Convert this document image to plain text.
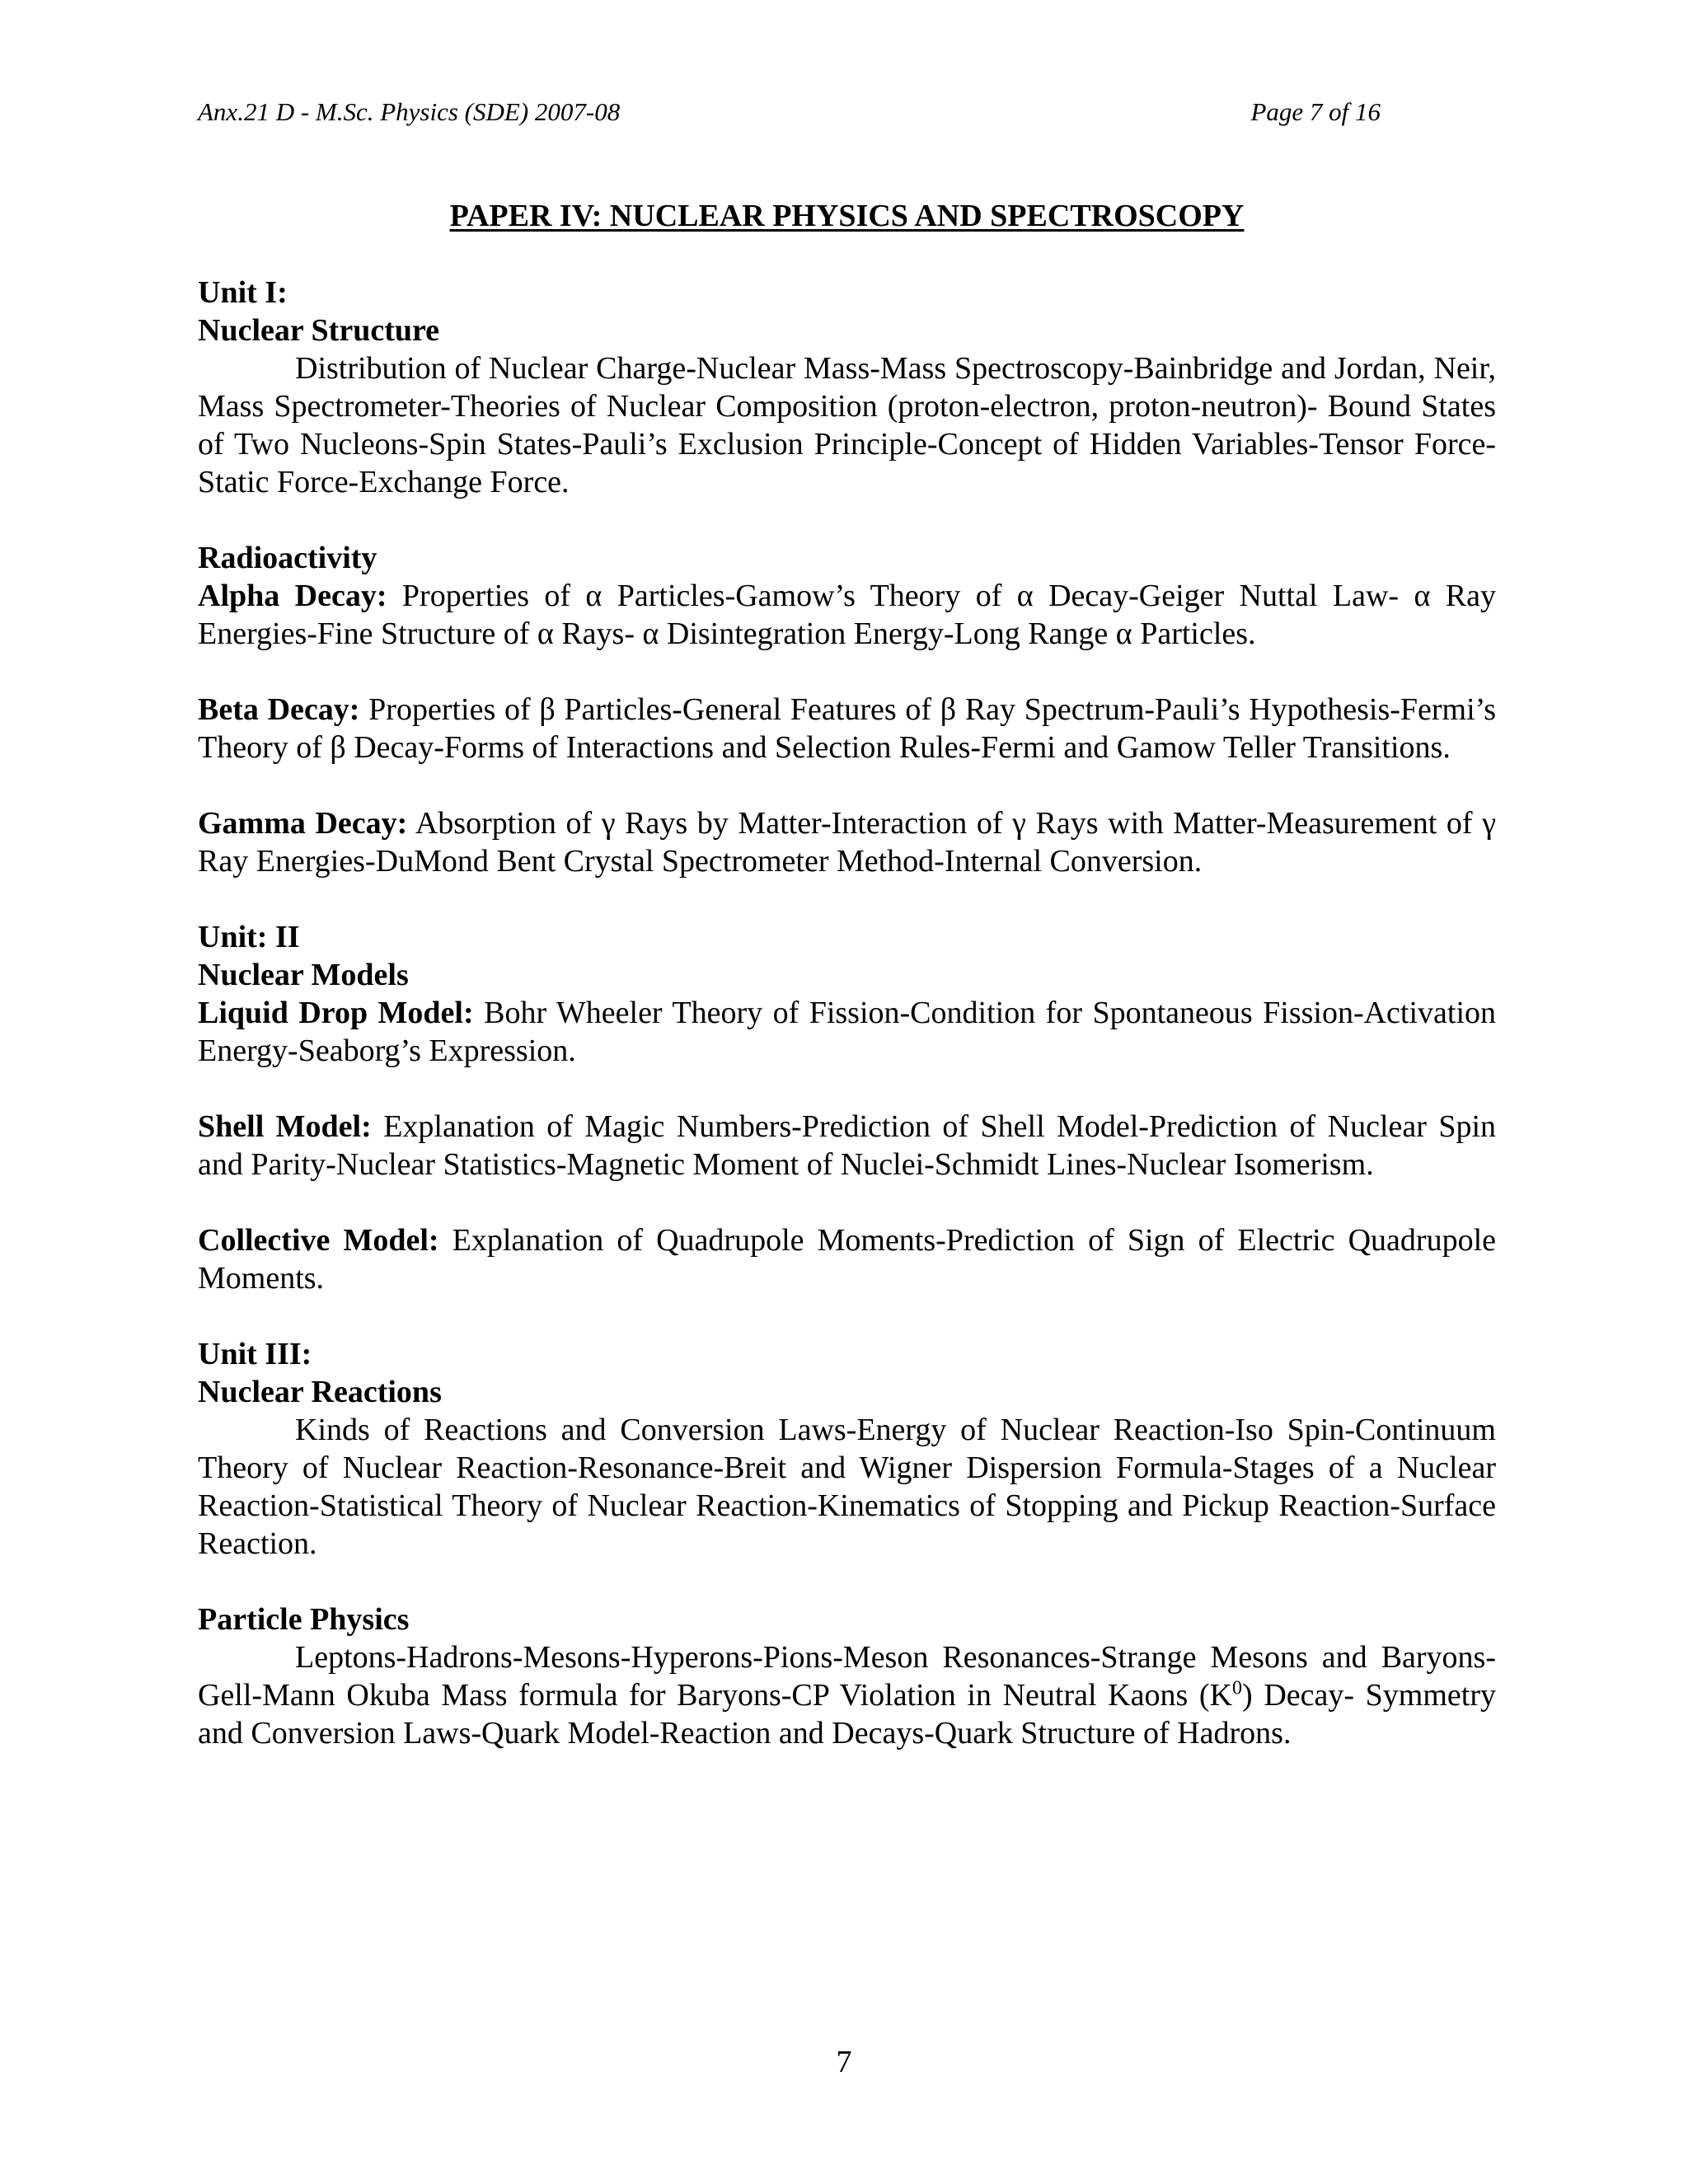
Anx.21 D - M.Sc. Physics (SDE) 2007-08	Page 7 of 16
PAPER IV: NUCLEAR PHYSICS AND SPECTROSCOPY

Unit I:

Nuclear Structure

Distribution of Nuclear Charge-Nuclear Mass-Mass Spectroscopy-Bainbridge and Jordan, Neir, Mass Spectrometer-Theories of Nuclear Composition (proton-electron, proton-neutron)- Bound States of Two Nucleons-Spin States-Pauli’s Exclusion Principle-Concept of Hidden Variables-Tensor Force-Static Force-Exchange Force.

Radioactivity

Alpha Decay: Properties of α Particles-Gamow’s Theory of α Decay-Geiger Nuttal Law- α Ray Energies-Fine Structure of α Rays- α Disintegration Energy-Long Range α Particles.

Beta Decay: Properties of β Particles-General Features of β Ray Spectrum-Pauli’s Hypothesis-Fermi’s Theory of β Decay-Forms of Interactions and Selection Rules-Fermi and Gamow Teller Transitions.

Gamma Decay: Absorption of γ Rays by Matter-Interaction of γ Rays with Matter-Measurement of γ Ray Energies-DuMond Bent Crystal Spectrometer Method-Internal Conversion.

Unit: II

Nuclear Models

Liquid Drop Model: Bohr Wheeler Theory of Fission-Condition for Spontaneous Fission-Activation Energy-Seaborg’s Expression.

Shell Model: Explanation of Magic Numbers-Prediction of Shell Model-Prediction of Nuclear Spin and Parity-Nuclear Statistics-Magnetic Moment of Nuclei-Schmidt Lines-Nuclear Isomerism.

Collective Model: Explanation of Quadrupole Moments-Prediction of Sign of Electric Quadrupole Moments.

Unit III:

Nuclear Reactions

Kinds of Reactions and Conversion Laws-Energy of Nuclear Reaction-Iso Spin-Continuum Theory of Nuclear Reaction-Resonance-Breit and Wigner Dispersion Formula-Stages of a Nuclear Reaction-Statistical Theory of Nuclear Reaction-Kinematics of Stopping and Pickup Reaction-Surface Reaction.

Particle Physics

Leptons-Hadrons-Mesons-Hyperons-Pions-Meson Resonances-Strange Mesons and Baryons-Gell-Mann Okuba Mass formula for Baryons-CP Violation in Neutral Kaons $(K^0)$ Decay- Symmetry and Conversion Laws-Quark Model-Reaction and Decays-Quark Structure of Hadrons.

7
